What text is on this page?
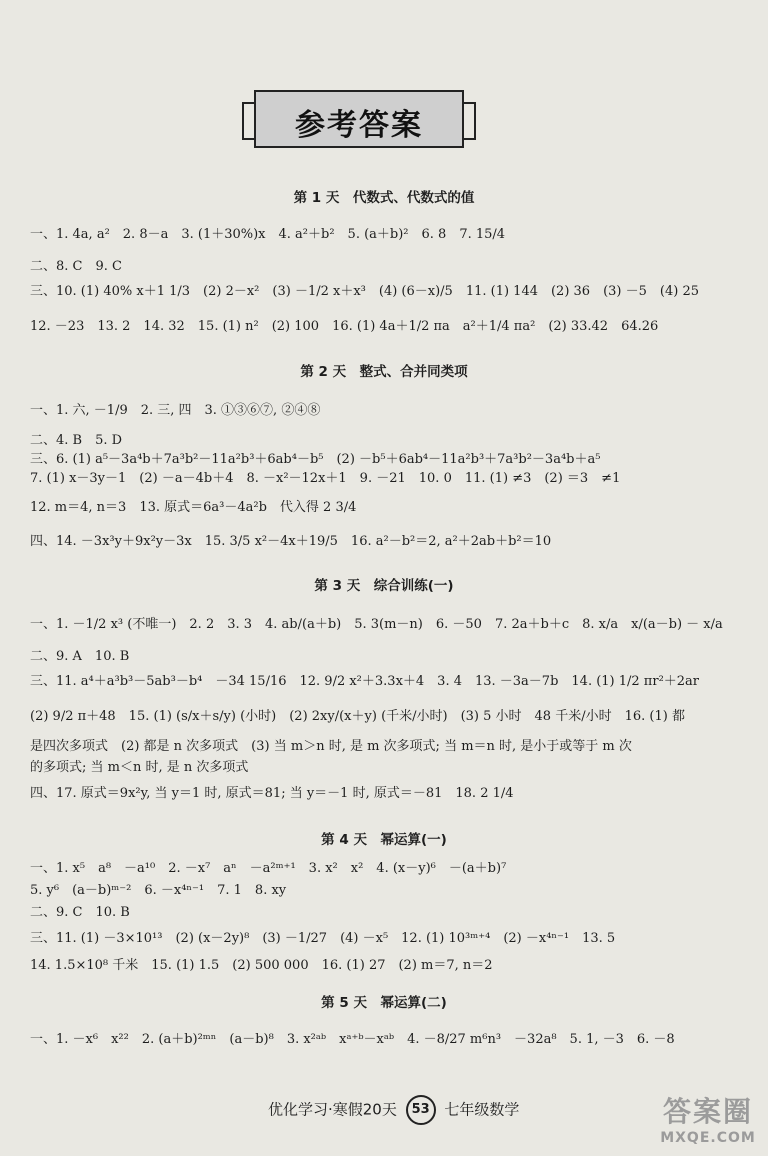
参考答案
第 1 天　代数式、代数式的值
一、1. 4a, a²　2. 8－a　3. (1＋30%)x　4. a²＋b²　5. (a＋b)²　6. 8　7. 15/4
二、8. C　9. C
三、10. (1) 40% x＋1 1/3　(2) 2－x²　(3) －1/2 x＋x³　(4) (6－x)/5　11. (1) 144　(2) 36　(3) －5　(4) 25
12. －23　13. 2　14. 32　15. (1) n²　(2) 100　16. (1) 4a＋1/2 πa　a²＋1/4 πa²　(2) 33.42　64.26
第 2 天　整式、合并同类项
一、1. 六, －1/9　2. 三, 四　3. ①③⑥⑦, ②④⑧
二、4. B　5. D
三、6. (1) a⁵－3a⁴b＋7a³b²－11a²b³＋6ab⁴－b⁵　(2) －b⁵＋6ab⁴－11a²b³＋7a³b²－3a⁴b＋a⁵
7. (1) x－3y－1　(2) －a－4b＋4　8. －x²－12x＋1　9. －21　10. 0　11. (1) ≠3　(2) ＝3　≠1
12. m＝4, n＝3　13. 原式＝6a³－4a²b　代入得 2 3/4
四、14. －3x³y＋9x²y－3x　15. 3/5 x²－4x＋19/5　16. a²－b²＝2, a²＋2ab＋b²＝10
第 3 天　综合训练(一)
一、1. －1/2 x³ (不唯一)　2. 2　3. 3　4. ab/(a＋b)　5. 3(m－n)　6. －50　7. 2a＋b＋c　8. x/a　x/(a－b) － x/a
二、9. A　10. B
三、11. a⁴＋a³b³－5ab³－b⁴　－34 15/16　12. 9/2 x²＋3.3x＋4　3. 4　13. －3a－7b　14. (1) 1/2 πr²＋2ar
(2) 9/2 π＋48　15. (1) (s/x＋s/y) (小时)　(2) 2xy/(x＋y) (千米/小时)　(3) 5 小时　48 千米/小时　16. (1) 都
是四次多项式　(2) 都是 n 次多项式　(3) 当 m＞n 时, 是 m 次多项式; 当 m＝n 时, 是小于或等于 m 次
的多项式; 当 m＜n 时, 是 n 次多项式
四、17. 原式＝9x²y, 当 y＝1 时, 原式＝81; 当 y＝－1 时, 原式＝－81　18. 2 1/4
第 4 天　幂运算(一)
一、1. x⁵　a⁸　－a¹⁰　2. －x⁷　aⁿ　－a²ᵐ⁺¹　3. x²　x²　4. (x－y)⁶　－(a＋b)⁷
5. y⁶　(a－b)ᵐ⁻²　6. －x⁴ⁿ⁻¹　7. 1　8. xy
二、9. C　10. B
三、11. (1) －3×10¹³　(2) (x－2y)⁸　(3) －1/27　(4) －x⁵　12. (1) 10³ᵐ⁺⁴　(2) －x⁴ⁿ⁻¹　13. 5
14. 1.5×10⁸ 千米　15. (1) 1.5　(2) 500 000　16. (1) 27　(2) m＝7, n＝2
第 5 天　幂运算(二)
一、1. －x⁶　x²²　2. (a＋b)²ᵐⁿ　(a－b)⁸　3. x²ᵃᵇ　xᵃ⁺ᵇ－xᵃᵇ　4. －8/27 m⁶n³　－32a⁸　5. 1, －3　6. －8
优化学习·寒假20天 53 七年级数学	答案圈
MXQE.COM
